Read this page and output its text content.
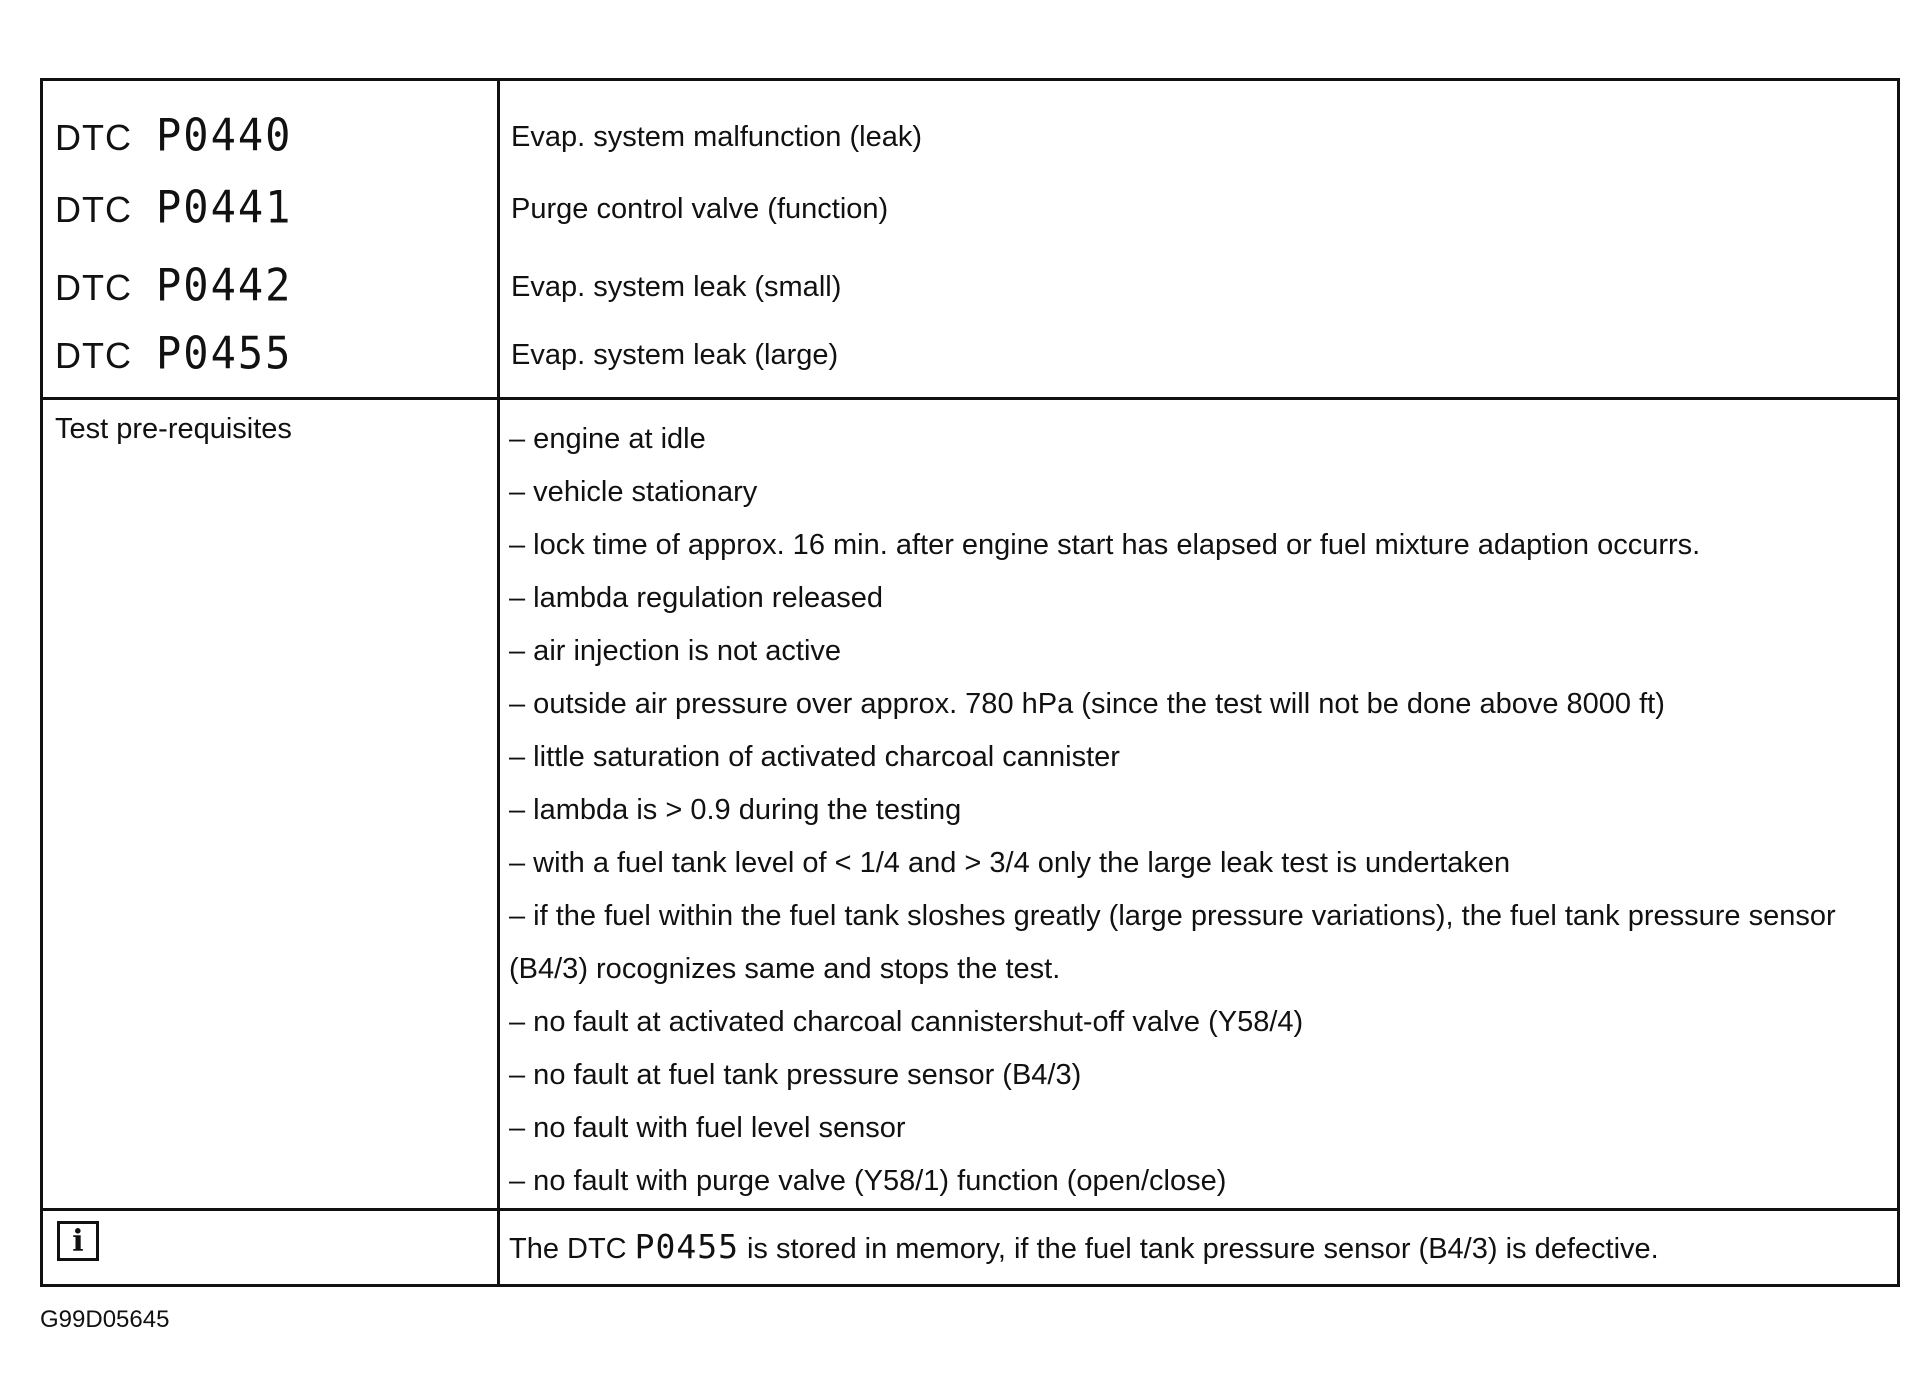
DTC P0440	Evap. system malfunction (leak)
DTC P0441	Purge control valve (function)
DTC P0442	Evap. system leak (small)
DTC P0455	Evap. system leak (large)
Test pre-requisites	– engine at idle
– vehicle stationary
– lock time of approx. 16 min. after engine start has elapsed or fuel mixture adaption occurrs.
– lambda regulation released
– air injection is not active
– outside air pressure over approx. 780 hPa (since the test will not be done above 8000 ft)
– little saturation of activated charcoal cannister
– lambda is > 0.9 during the testing
– with a fuel tank level of < 1/4 and > 3/4 only the large leak test is undertaken
– if the fuel within the fuel tank sloshes greatly (large pressure variations), the fuel tank pressure sensor (B4/3) rocognizes same and stops the test.
– no fault at activated charcoal cannistershut-off valve (Y58/4)
– no fault at fuel tank pressure sensor (B4/3)
– no fault with fuel level sensor
– no fault with purge valve (Y58/1) function (open/close)
i	The DTC P0455 is stored in memory, if the fuel tank pressure sensor (B4/3) is defective.
G99D05645
